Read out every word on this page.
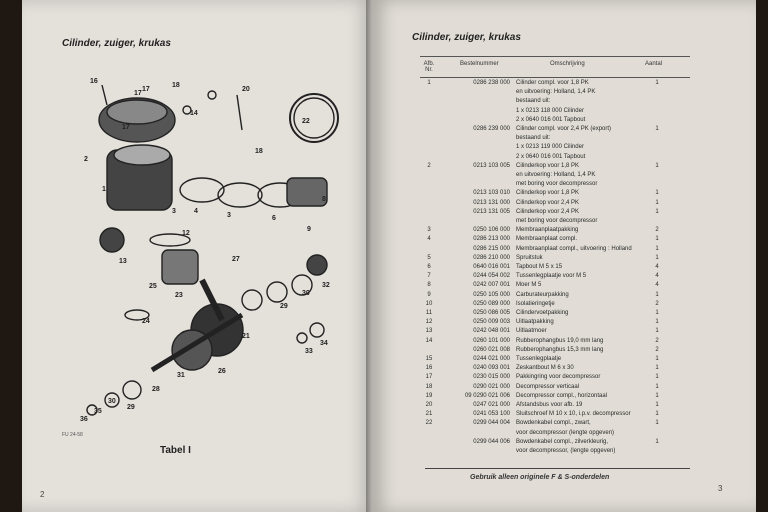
Cilinder, zuiger, krukas
16
2
1
3	4
3	6
9
8
17
17	20
14
18
22
18
17
12
13
23
25
24
27
32
30
29
21
26
33
34
31
28
29
30
35
36
FU 24-58
Tabel I
2
Cilinder, zuiger, krukas
3
Afb. Nr.
Bestelnummer	Omschrijving	Aantal
1	0286 238 000 Cilinder compl. voor 1,8 PK	1
en uitvoering: Holland, 1,4 PK
bestaand uit:
1 x 0213 118 000 Cilinder
2 x 0640 016 001 Tapbout
0286 239 000 Cilinder compl. voor 2,4 PK (export)	1
bestaand uit:
1 x 0213 119 000 Cilinder
2 x 0640 016 001 Tapbout
2	0213 103 005 Cilinderkop voor 1,8 PK	1
en uitvoering: Holland, 1,4 PK
met boring voor decompressor
0213 103 010 Cilinderkop voor 1,8 PK	1
0213 131 000 Cilinderkop voor 2,4 PK	1
0213 131 005 Cilinderkop voor 2,4 PK	1
met boring voor decompressor
3	0250 106 000 Membraanplaatpakking	2
4	0286 213 000 Membraanplaat compl.	1
0286 215 000 Membraanplaat compl., uitvoering : Holland	1
5	0286 210 000 Spruitstuk	1
6	0640 016 001 Tapbout M 5 x 15	4
7	0244 054 002 Tussenlegplaatje voor M 5	4
8	0242 007 001 Moer M 5	4
9	0250 105 000 Carburateurpakking	1
10	0250 089 000 Isolatieringetje	2
11	0250 086 005 Cilindervoetpakking	1
12	0250 009 003 Uitlaatpakking	1
13	0242 048 001 Uitlaatmoer	1
14	0260 101 000 Rubberophangbus 19,0 mm lang	2
0260 021 008 Rubberophangbus 15,3 mm lang	2
15	0244 021 000 Tussenlegplaatje	1
16	0240 093 001 Zeskantbout M 6 x 30	1
17	0230 015 000 Pakkingring voor decompressor	1
18	0290 021 000 Decompressor verticaal	1
19	09 0290 021 006 Decompressor compl., horizontaal	1
20	0247 021 000 Afstandsbus voor afb. 19	1
21	0241 053 100 Sluitschroef M 10 x 10, i.p.v. decompressor	1
22	0299 044 004 Bowdenkabel compl., zwart,	1
voor decompressor (lengte opgeven)
0299 044 006 Bowdenkabel compl., zilverkleurig,	1
voor decompressor, (lengte opgeven)
Gebruik alleen originele F & S-onderdelen
